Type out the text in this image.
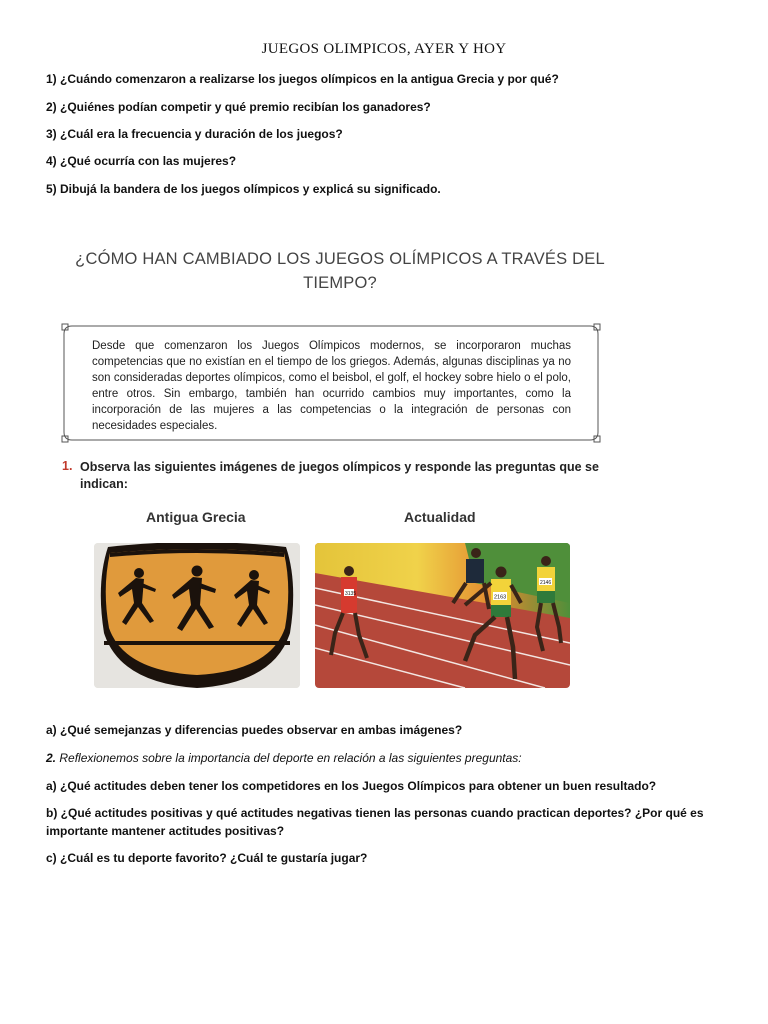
JUEGOS OLIMPICOS, AYER Y HOY
1) ¿Cuándo comenzaron a realizarse los juegos olímpicos en la antigua Grecia y por qué?
2) ¿Quiénes podían competir y qué premio recibían los ganadores?
3) ¿Cuál era la frecuencia y duración de los juegos?
4) ¿Qué ocurría con las mujeres?
5) Dibujá la bandera de los juegos olímpicos y explicá su significado.
¿CÓMO HAN CAMBIADO LOS JUEGOS OLÍMPICOS A TRAVÉS DEL TIEMPO?
Desde que comenzaron los Juegos Olímpicos modernos, se incorporaron muchas competencias que no existían en el tiempo de los griegos. Además, algunas disciplinas ya no son consideradas deportes olímpicos, como el beisbol, el golf, el hockey sobre hielo o el polo, entre otros. Sin embargo, también han ocurrido cambios muy importantes, como la incorporación de las mujeres a las competencias o la integración de personas con necesidades especiales.
1. Observa las siguientes imágenes de juegos olímpicos y responde las preguntas que se indican:
Antigua Grecia	Actualidad
3135
2163
2146
a) ¿Qué semejanzas y diferencias puedes observar en ambas imágenes?
2. Reflexionemos sobre la importancia del deporte en relación a las siguientes preguntas:
a) ¿Qué actitudes deben tener los competidores en los Juegos Olímpicos para obtener un buen resultado?
b) ¿Qué actitudes positivas y qué actitudes negativas tienen las personas cuando practican deportes? ¿Por qué es importante mantener actitudes positivas?
c) ¿Cuál es tu deporte favorito? ¿Cuál te gustaría jugar?
